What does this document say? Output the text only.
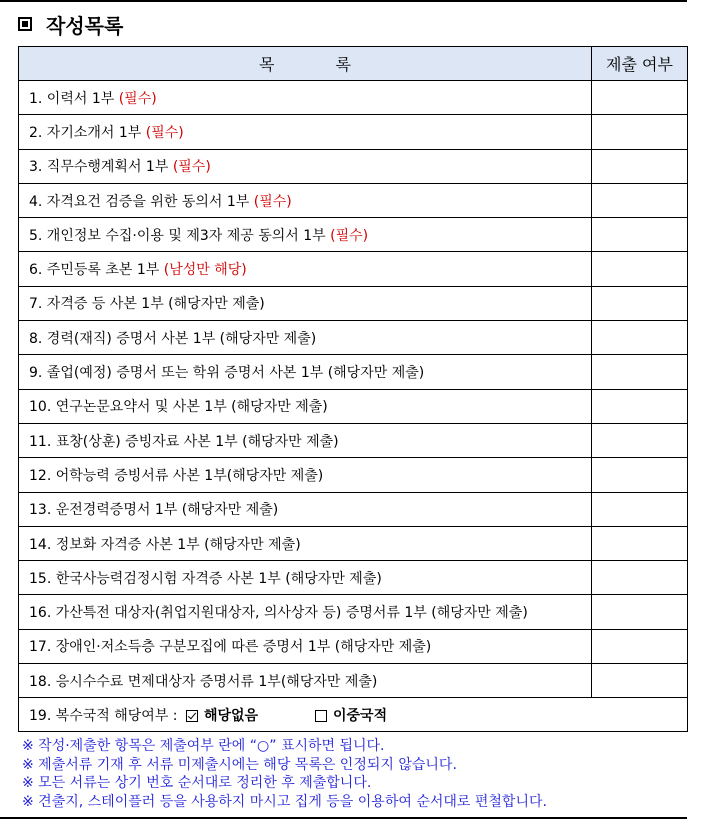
작성목록
목 록	제출 여부
1. 이력서 1부 (필수)	
2. 자기소개서 1부 (필수)	
3. 직무수행계획서 1부 (필수)	
4. 자격요건 검증을 위한 동의서 1부 (필수)	
5. 개인정보 수집·이용 및 제3자 제공 동의서 1부 (필수)	
6. 주민등록 초본 1부 (남성만 해당)	
7. 자격증 등 사본 1부 (해당자만 제출)	
8. 경력(재직) 증명서 사본 1부 (해당자만 제출)	
9. 졸업(예정) 증명서 또는 학위 증명서 사본 1부 (해당자만 제출)	
10. 연구논문요약서 및 사본 1부 (해당자만 제출)	
11. 표창(상훈) 증빙자료 사본 1부 (해당자만 제출)	
12. 어학능력 증빙서류 사본 1부(해당자만 제출)	
13. 운전경력증명서 1부 (해당자만 제출)	
14. 정보화 자격증 사본 1부 (해당자만 제출)	
15. 한국사능력검정시험 자격증 사본 1부 (해당자만 제출)	
16. 가산특전 대상자(취업지원대상자, 의사상자 등) 증명서류 1부 (해당자만 제출)	
17. 장애인·저소득층 구분모집에 따른 증명서 1부 (해당자만 제출)	
18. 응시수수료 면제대상자 증명서류 1부(해당자만 제출)	
19. 복수국적 해당여부 : 해당없음 이중국적	
※ 작성·제출한 항목은 제출여부 란에 “○” 표시하면 됩니다.
※ 제출서류 기재 후 서류 미제출시에는 해당 목록은 인정되지 않습니다.
※ 모든 서류는 상기 번호 순서대로 정리한 후 제출합니다.
※ 견출지, 스테이플러 등을 사용하지 마시고 집게 등을 이용하여 순서대로 편철합니다.
